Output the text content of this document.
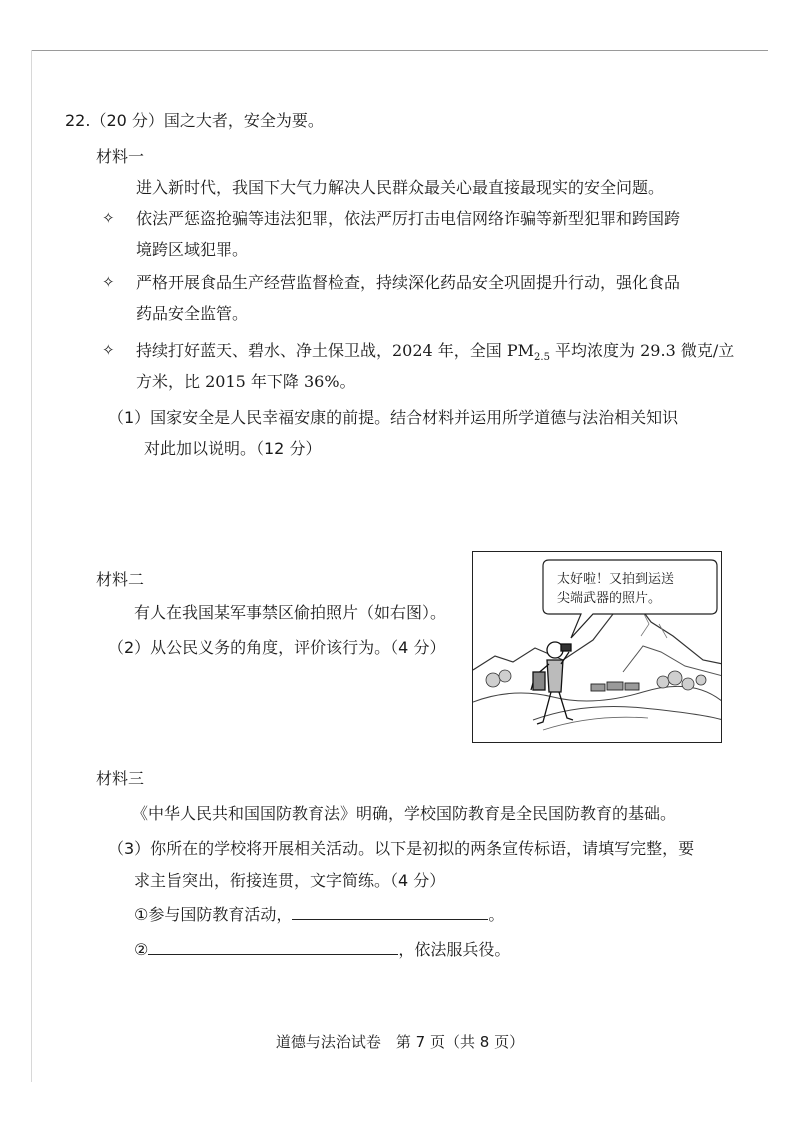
22.（20 分）国之大者，安全为要。
材料一
进入新时代，我国下大气力解决人民群众最关心最直接最现实的安全问题。
✧ 依法严惩盗抢骗等违法犯罪，依法严厉打击电信网络诈骗等新型犯罪和跨国跨
境跨区域犯罪。
✧ 严格开展食品生产经营监督检查，持续深化药品安全巩固提升行动，强化食品
药品安全监管。
✧ 持续打好蓝天、碧水、净土保卫战，2024 年，全国 $PM_{2.5}$ 平均浓度为 29.3 微克/立
方米，比 2015 年下降 36%。
（1）国家安全是人民幸福安康的前提。结合材料并运用所学道德与法治相关知识
对此加以说明。（12 分）
材料二
有人在我国某军事禁区偷拍照片（如右图）。
（2）从公民义务的角度，评价该行为。（4 分）
太好啦！又拍到运送
尖端武器的照片。
材料三
《中华人民共和国国防教育法》明确，学校国防教育是全民国防教育的基础。
（3）你所在的学校将开展相关活动。以下是初拟的两条宣传标语，请填写完整，要
求主旨突出，衔接连贯，文字简练。（4 分）
①参与国防教育活动，	。
②	，依法服兵役。
道德与法治试卷　第 7 页（共 8 页）
